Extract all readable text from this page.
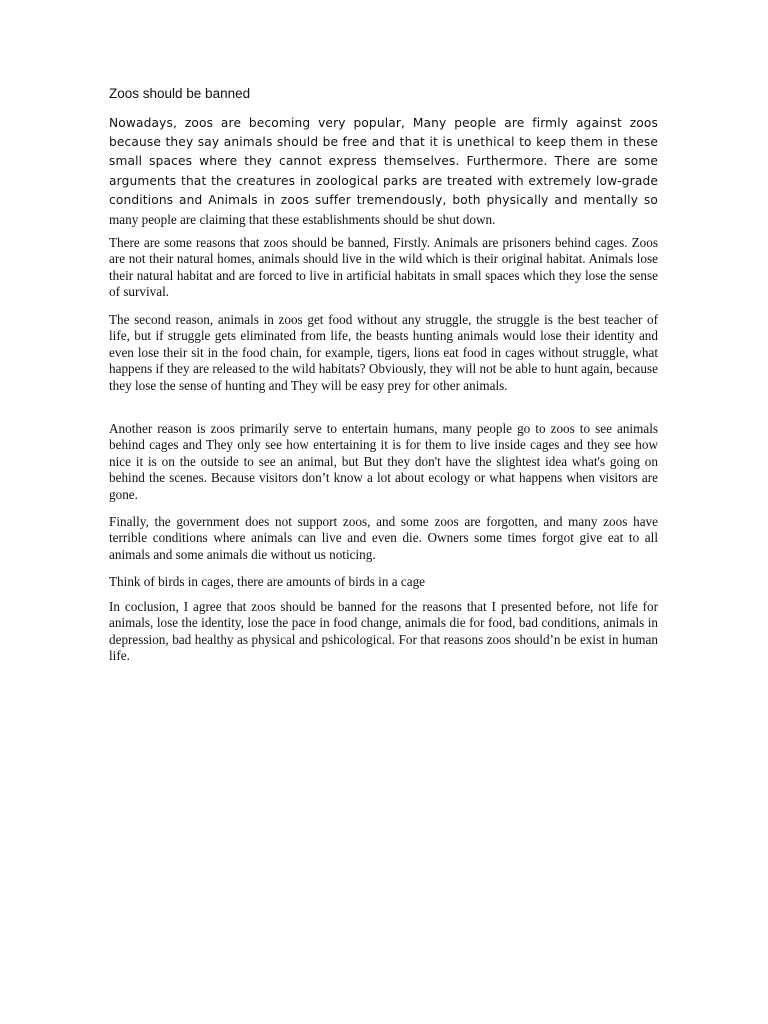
Zoos should be banned

Nowadays, zoos are becoming very popular, Many people are firmly against zoos because they say animals should be free and that it is unethical to keep them in these small spaces where they cannot express themselves. Furthermore. There are some arguments that the creatures in zoological parks are treated with extremely low-grade conditions and Animals in zoos suffer tremendously, both physically and mentally so many people are claiming that these establishments should be shut down.

There are some reasons that zoos should be banned, Firstly. Animals are prisoners behind cages. Zoos are not their natural homes, animals should live in the wild which is their original habitat. Animals lose their natural habitat and are forced to live in artificial habitats in small spaces which they lose the sense of survival.

The second reason, animals in zoos get food without any struggle, the struggle is the best teacher of life, but if struggle gets eliminated from life, the beasts hunting animals would lose their identity and even lose their sit in the food chain, for example, tigers, lions eat food in cages without struggle, what happens if they are released to the wild habitats? Obviously, they will not be able to hunt again, because they lose the sense of hunting and They will be easy prey for other animals.

Another reason is zoos primarily serve to entertain humans, many people go to zoos to see animals behind cages and They only see how entertaining it is for them to live inside cages and they see how nice it is on the outside to see an animal, but But they don't have the slightest idea what's going on behind the scenes. Because visitors don’t know a lot about ecology or what happens when visitors are gone.

Finally, the government does not support zoos, and some zoos are forgotten, and many zoos have terrible conditions where animals can live and even die. Owners some times forgot give eat to all animals and some animals die without us noticing.

Think of birds in cages, there are amounts of birds in a cage

In coclusion, I agree that zoos should be banned for the reasons that I presented before, not life for animals, lose the identity, lose the pace in food change, animals die for food, bad conditions, animals in depression, bad healthy as physical and pshicological. For that reasons zoos should’n be exist in human life.
